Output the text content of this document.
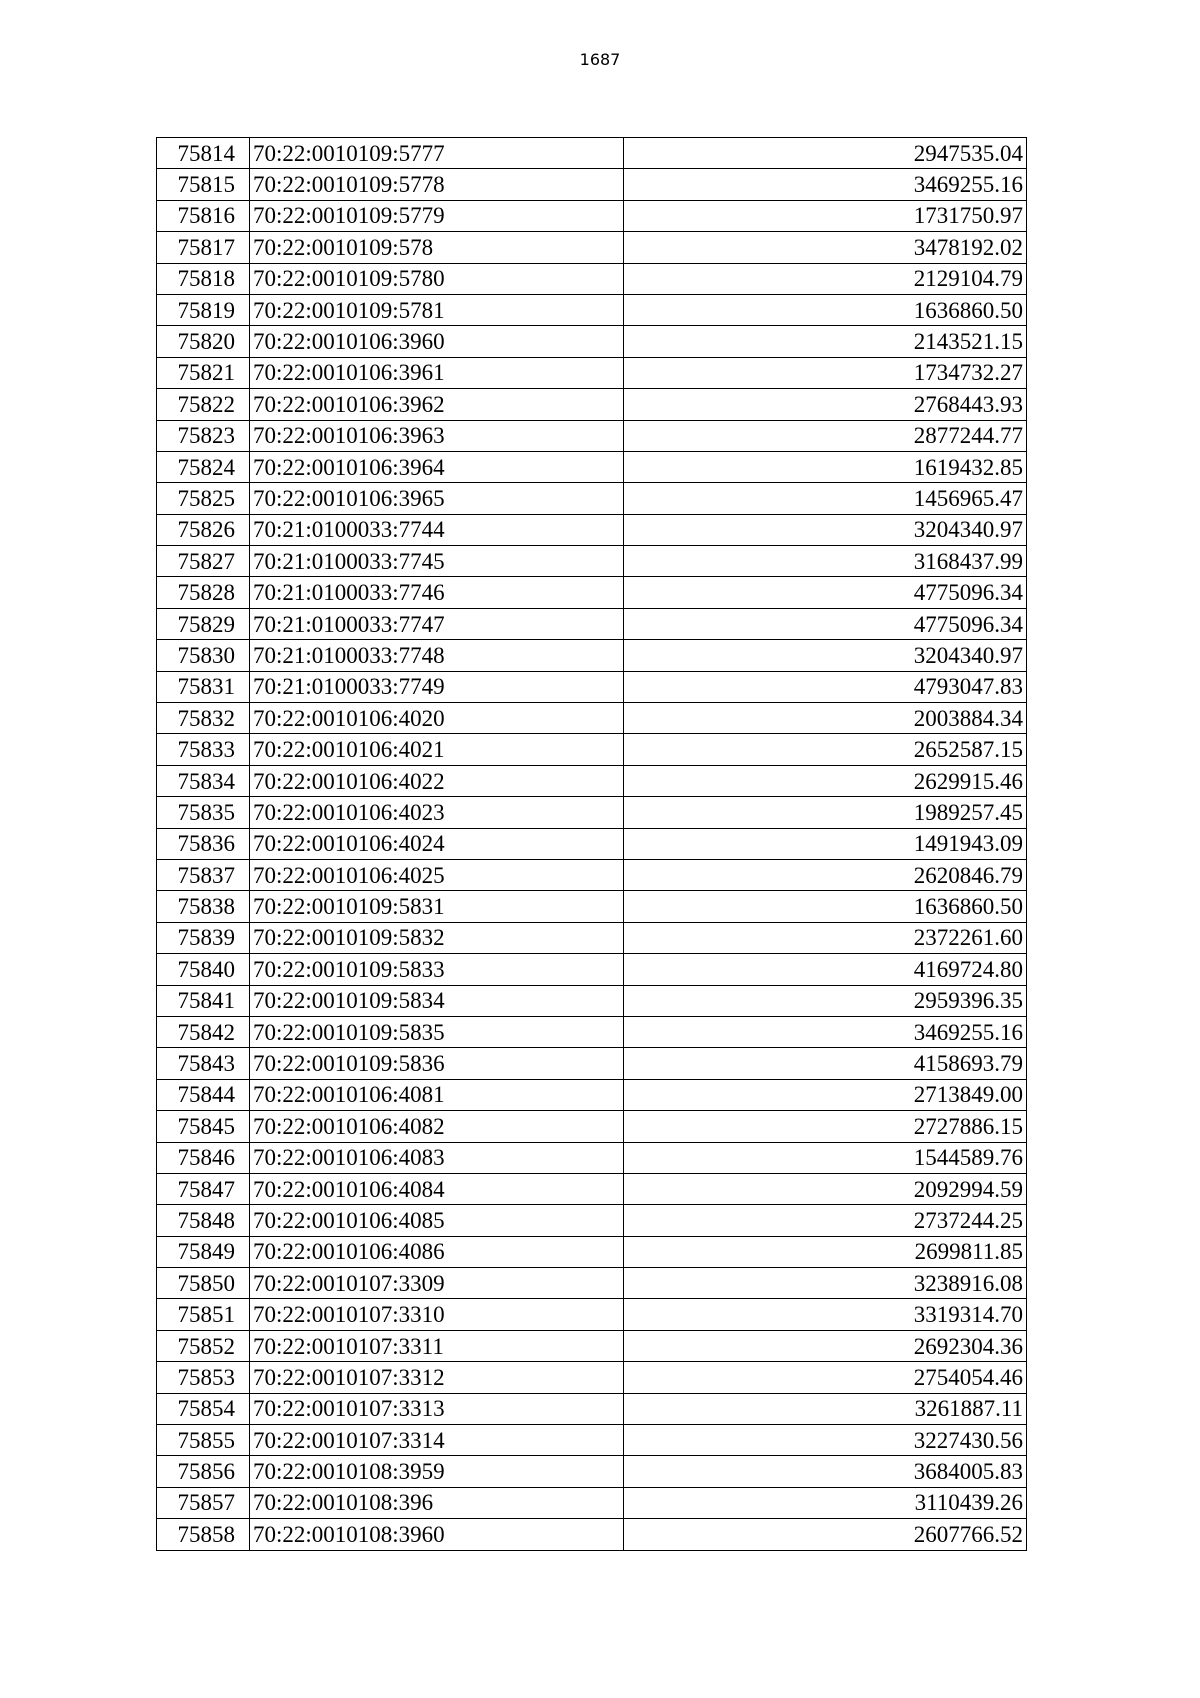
1687
75814	70:22:0010109:5777	2947535.04
75815	70:22:0010109:5778	3469255.16
75816	70:22:0010109:5779	1731750.97
75817	70:22:0010109:578	3478192.02
75818	70:22:0010109:5780	2129104.79
75819	70:22:0010109:5781	1636860.50
75820	70:22:0010106:3960	2143521.15
75821	70:22:0010106:3961	1734732.27
75822	70:22:0010106:3962	2768443.93
75823	70:22:0010106:3963	2877244.77
75824	70:22:0010106:3964	1619432.85
75825	70:22:0010106:3965	1456965.47
75826	70:21:0100033:7744	3204340.97
75827	70:21:0100033:7745	3168437.99
75828	70:21:0100033:7746	4775096.34
75829	70:21:0100033:7747	4775096.34
75830	70:21:0100033:7748	3204340.97
75831	70:21:0100033:7749	4793047.83
75832	70:22:0010106:4020	2003884.34
75833	70:22:0010106:4021	2652587.15
75834	70:22:0010106:4022	2629915.46
75835	70:22:0010106:4023	1989257.45
75836	70:22:0010106:4024	1491943.09
75837	70:22:0010106:4025	2620846.79
75838	70:22:0010109:5831	1636860.50
75839	70:22:0010109:5832	2372261.60
75840	70:22:0010109:5833	4169724.80
75841	70:22:0010109:5834	2959396.35
75842	70:22:0010109:5835	3469255.16
75843	70:22:0010109:5836	4158693.79
75844	70:22:0010106:4081	2713849.00
75845	70:22:0010106:4082	2727886.15
75846	70:22:0010106:4083	1544589.76
75847	70:22:0010106:4084	2092994.59
75848	70:22:0010106:4085	2737244.25
75849	70:22:0010106:4086	2699811.85
75850	70:22:0010107:3309	3238916.08
75851	70:22:0010107:3310	3319314.70
75852	70:22:0010107:3311	2692304.36
75853	70:22:0010107:3312	2754054.46
75854	70:22:0010107:3313	3261887.11
75855	70:22:0010107:3314	3227430.56
75856	70:22:0010108:3959	3684005.83
75857	70:22:0010108:396	3110439.26
75858	70:22:0010108:3960	2607766.52
